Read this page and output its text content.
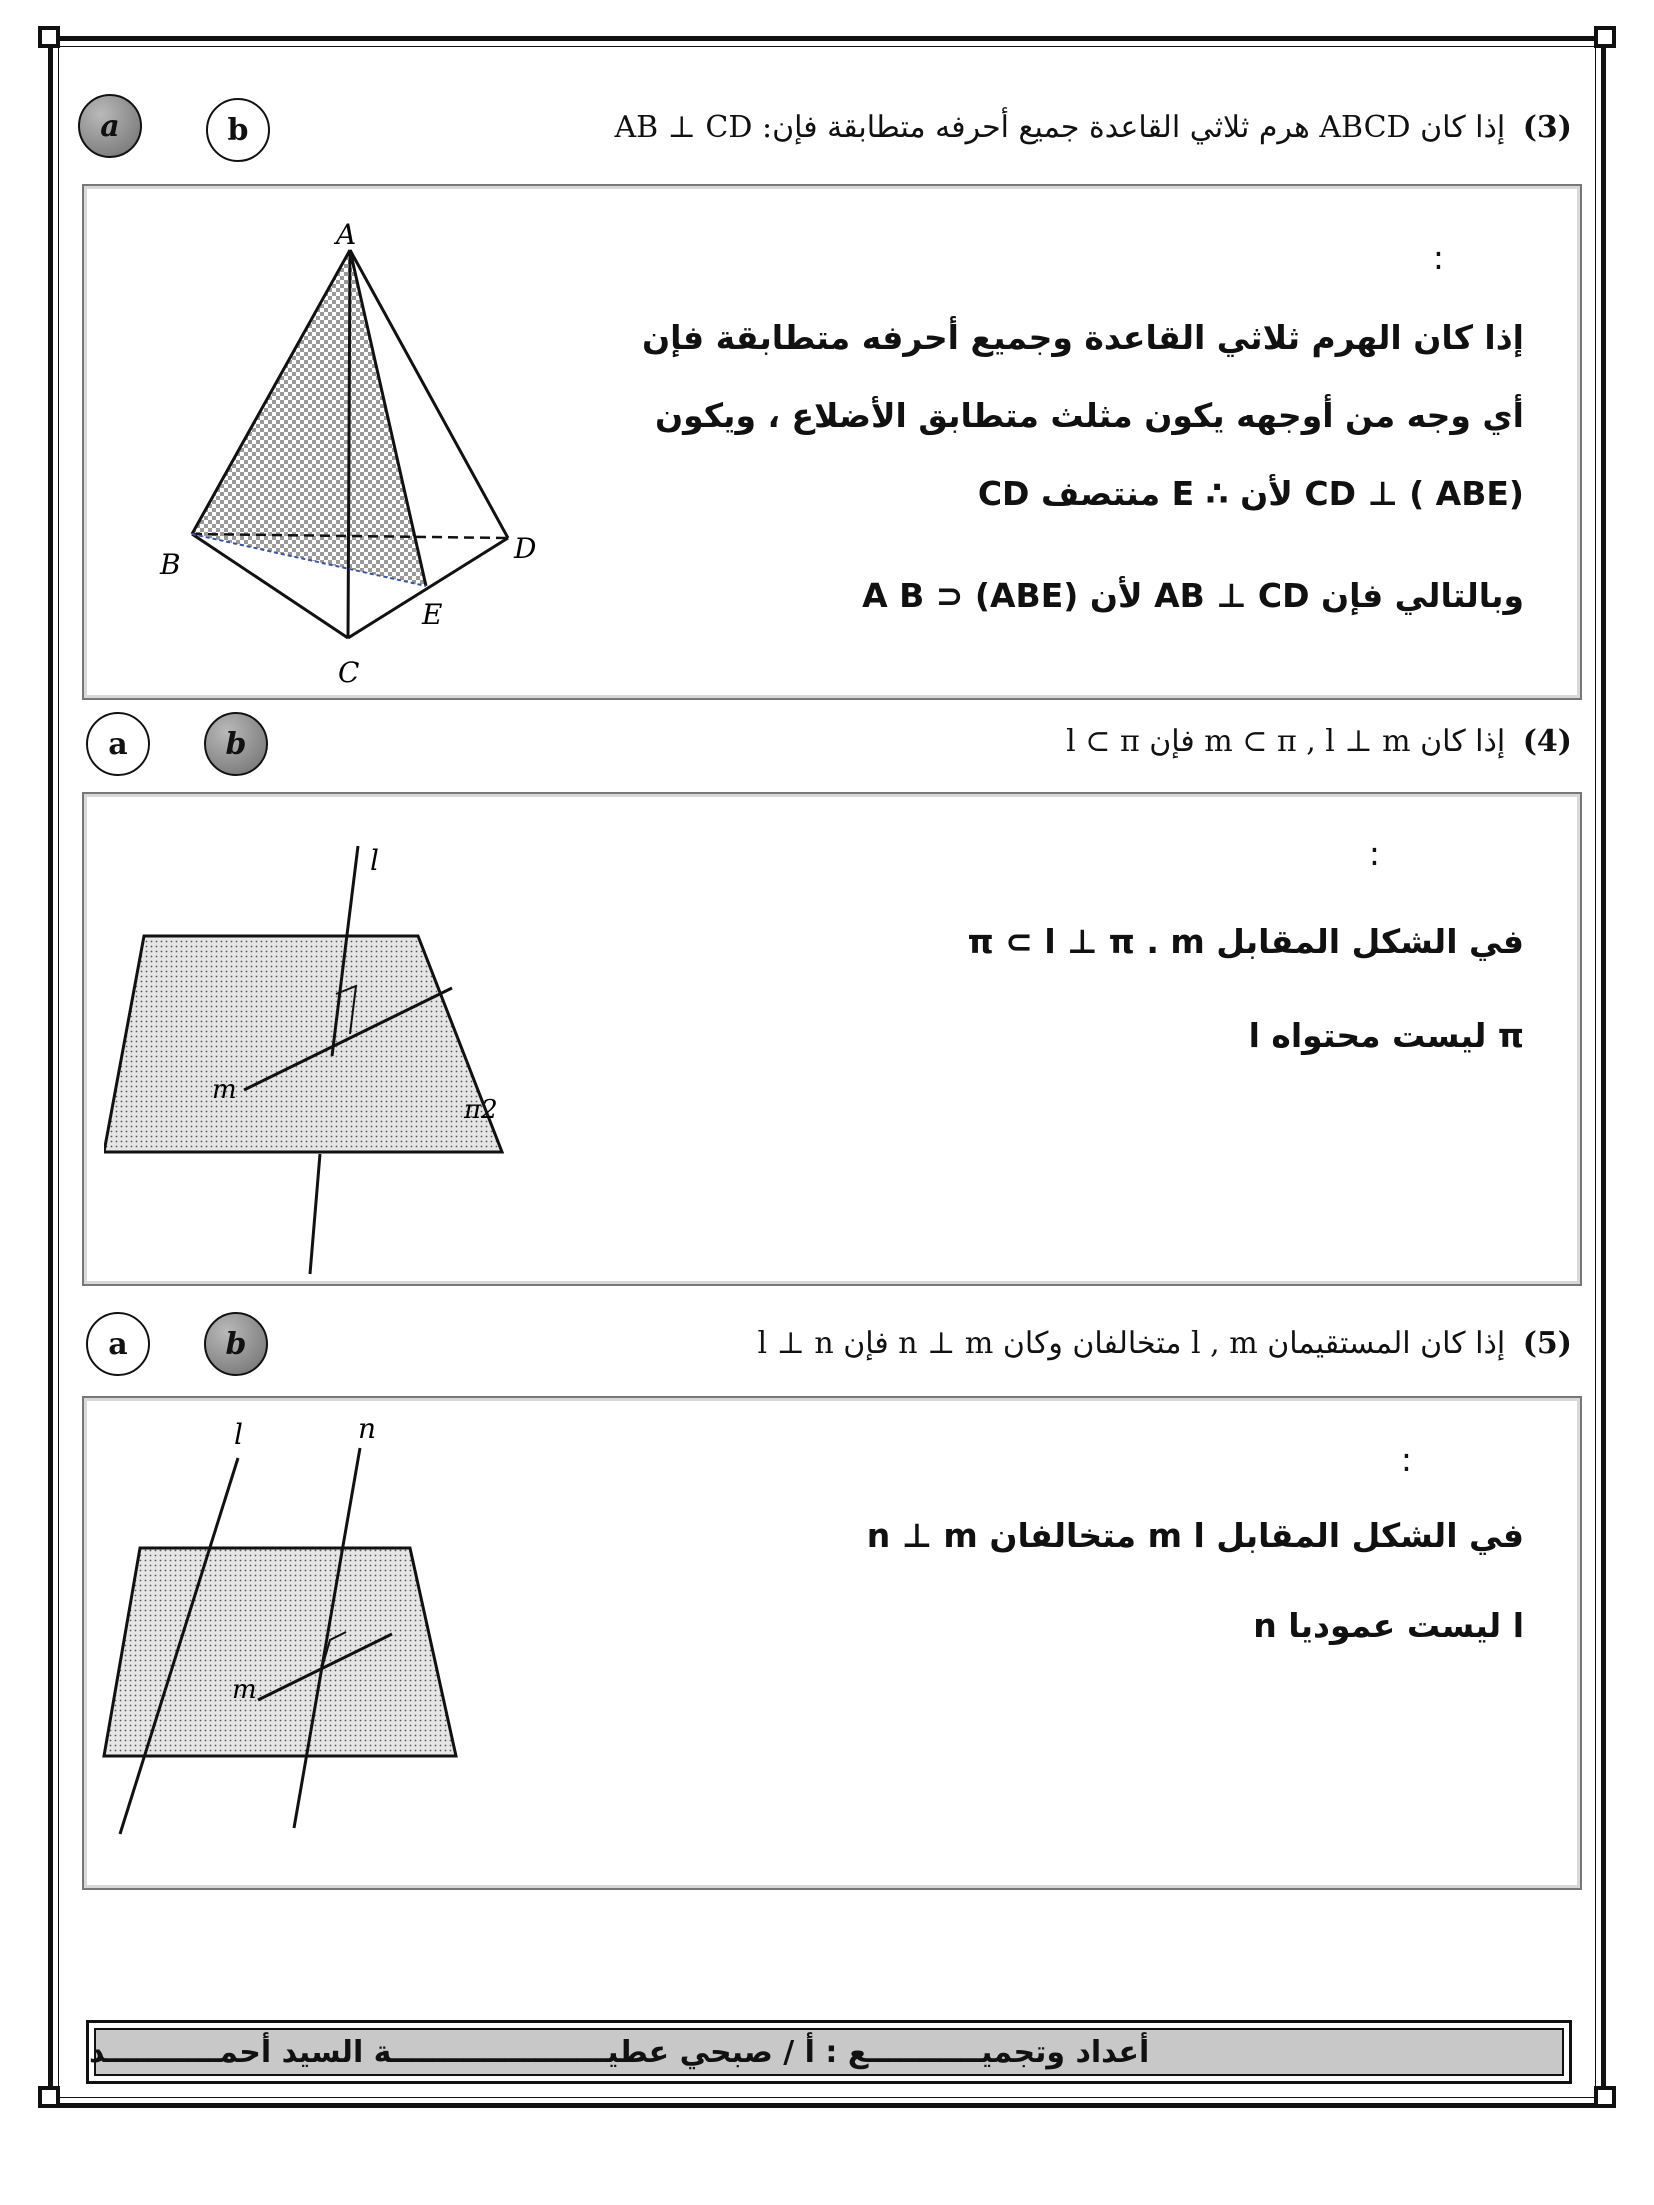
a	b	(3) إذا كان ABCD هرم ثلاثي القاعدة جميع أحرفه متطابقة فإن: AB ⊥ CD
A
B
C
D
E
:
إذا كان الهرم ثلاثي القاعدة وجميع أحرفه متطابقة فإن
أي وجه من أوجهه يكون مثلث متطابق الأضلاع ، ويكون
CD ⊥ ( ABE) لأن ∴ E منتصف CD
وبالتالي فإن AB ⊥ CD لأن (ABE) ⊂ A B
a	b	(4) إذا كان m ⊂ π , l ⊥ m فإن l ⊂ π
l
m
π2
:
في الشكل المقابل π ⊂ l ⊥ π . m
π ليست محتواه l
a	b	(5) إذا كان المستقيمان l , m متخالفان وكان n ⊥ m فإن l ⊥ n
l	n
m
:
في الشكل المقابل m l متخالفان n ⊥ m
l ليست عموديا n
أعداد وتجميـــــــــــع : أ / صبحي عطيـــــــــــــــــــــة السيد أحمـــــــــــد
